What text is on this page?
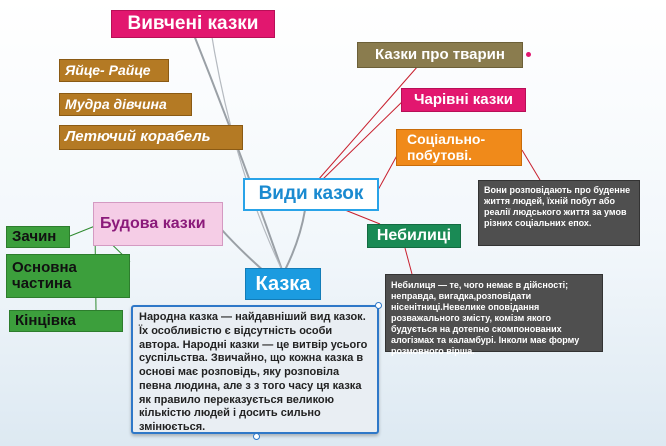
Вивчені казки
Яйце- Райце
Мудра дівчина
Летючий корабель
Види казок
Казки про тварин
Чарівні казки
Соціально-побутові.
Вони розповідають про буденне життя людей, їхній побут або реалії людського життя за умов різних соціальних епох.
Небилиці
Небилиця — те, чого немає в дійсності; неправда, вигадка,розповідати нісенітниці.Невелике оповідання розважального змісту, комізм якого будується на дотепно скомпонованих алогізмах та каламбурі. Інколи має форму розмовного вірша.
Будова казки
Зачин
Основна частина
Кінцівка
Казка
Народна казка — найдавніший вид казок. Їх особливістю є відсутність особи автора. Народні казки — це витвір усього суспільства. Звичайно, що кожна казка в основі має розповідь, яку розповіла певна людина, але з з того часу ця казка як правило переказується великою кількістю людей і досить сильно змінюється.
